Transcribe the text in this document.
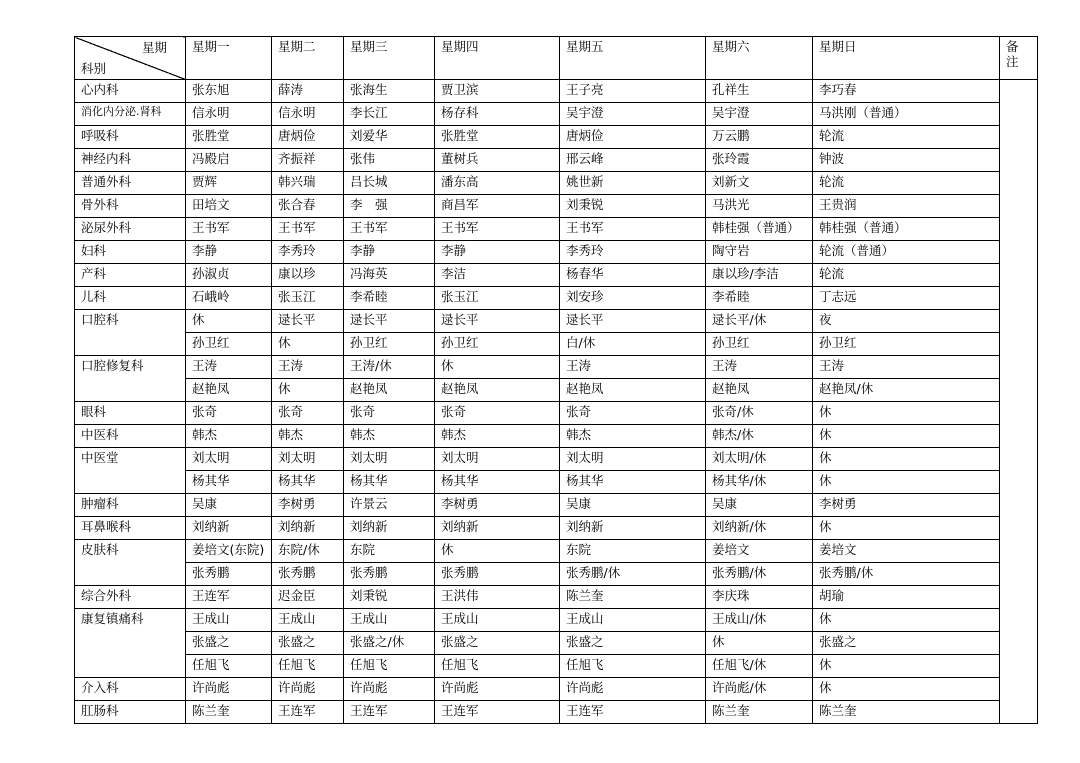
星期
科别	星期一	星期二	星期三	星期四	星期五	星期六	星期日	备
注

心内科	张东旭	薛涛	张海生	贾卫滨	王子亮	孔祥生	李巧春	
消化内分泌.肾科	信永明	信永明	李长江	杨存科	吴宇澄	吴宇澄	马洪刚（普通）	
呼吸科	张胜堂	唐炳俭	刘爱华	张胜堂	唐炳俭	万云鹏	轮流	
神经内科	冯殿启	齐振祥	张伟	董树兵	邢云峰	张玲霞	钟波	
普通外科	贾辉	韩兴瑞	吕长城	潘东高	姚世新	刘新文	轮流	
骨外科	田培文	张合春	李　强	商昌军	刘秉锐	马洪光	王贵润	
泌尿外科	王书军	王书军	王书军	王书军	王书军	韩桂强（普通）	韩桂强（普通）	
妇科	李静	李秀玲	李静	李静	李秀玲	陶守岩	轮流（普通）	
产科	孙淑贞	康以珍	冯海英	李洁	杨春华	康以珍/李洁	轮流	
儿科	石峨岭	张玉江	李希睦	张玉江	刘安珍	李希睦	丁志远	
口腔科	休	逯长平	逯长平	逯长平	逯长平	逯长平/休	夜	
	孙卫红	休	孙卫红	孙卫红	白/休	孙卫红	孙卫红	
口腔修复科	王涛	王涛	王涛/休	休	王涛	王涛	王涛	
	赵艳凤	休	赵艳凤	赵艳凤	赵艳凤	赵艳凤	赵艳凤/休	
眼科	张奇	张奇	张奇	张奇	张奇	张奇/休	休	
中医科	韩杰	韩杰	韩杰	韩杰	韩杰	韩杰/休	休	
中医堂	刘太明	刘太明	刘太明	刘太明	刘太明	刘太明/休	休	
	杨其华	杨其华	杨其华	杨其华	杨其华	杨其华/休	休	
肿瘤科	吴康	李树勇	许景云	李树勇	吴康	吴康	李树勇	
耳鼻喉科	刘纳新	刘纳新	刘纳新	刘纳新	刘纳新	刘纳新/休	休	
皮肤科	姜培文(东院)	东院/休	东院	休	东院	姜培文	姜培文	
	张秀鹏	张秀鹏	张秀鹏	张秀鹏	张秀鹏/休	张秀鹏/休	张秀鹏/休	
综合外科	王连军	迟金臣	刘秉锐	王洪伟	陈兰奎	李庆珠	胡瑜	
康复镇痛科	王成山	王成山	王成山	王成山	王成山	王成山/休	休	
	张盛之	张盛之	张盛之/休	张盛之	张盛之	休	张盛之	
	任旭飞	任旭飞	任旭飞	任旭飞	任旭飞	任旭飞/休	休	
介入科	许尚彪	许尚彪	许尚彪	许尚彪	许尚彪	许尚彪/休	休	
肛肠科	陈兰奎	王连军	王连军	王连军	王连军	陈兰奎	陈兰奎	
